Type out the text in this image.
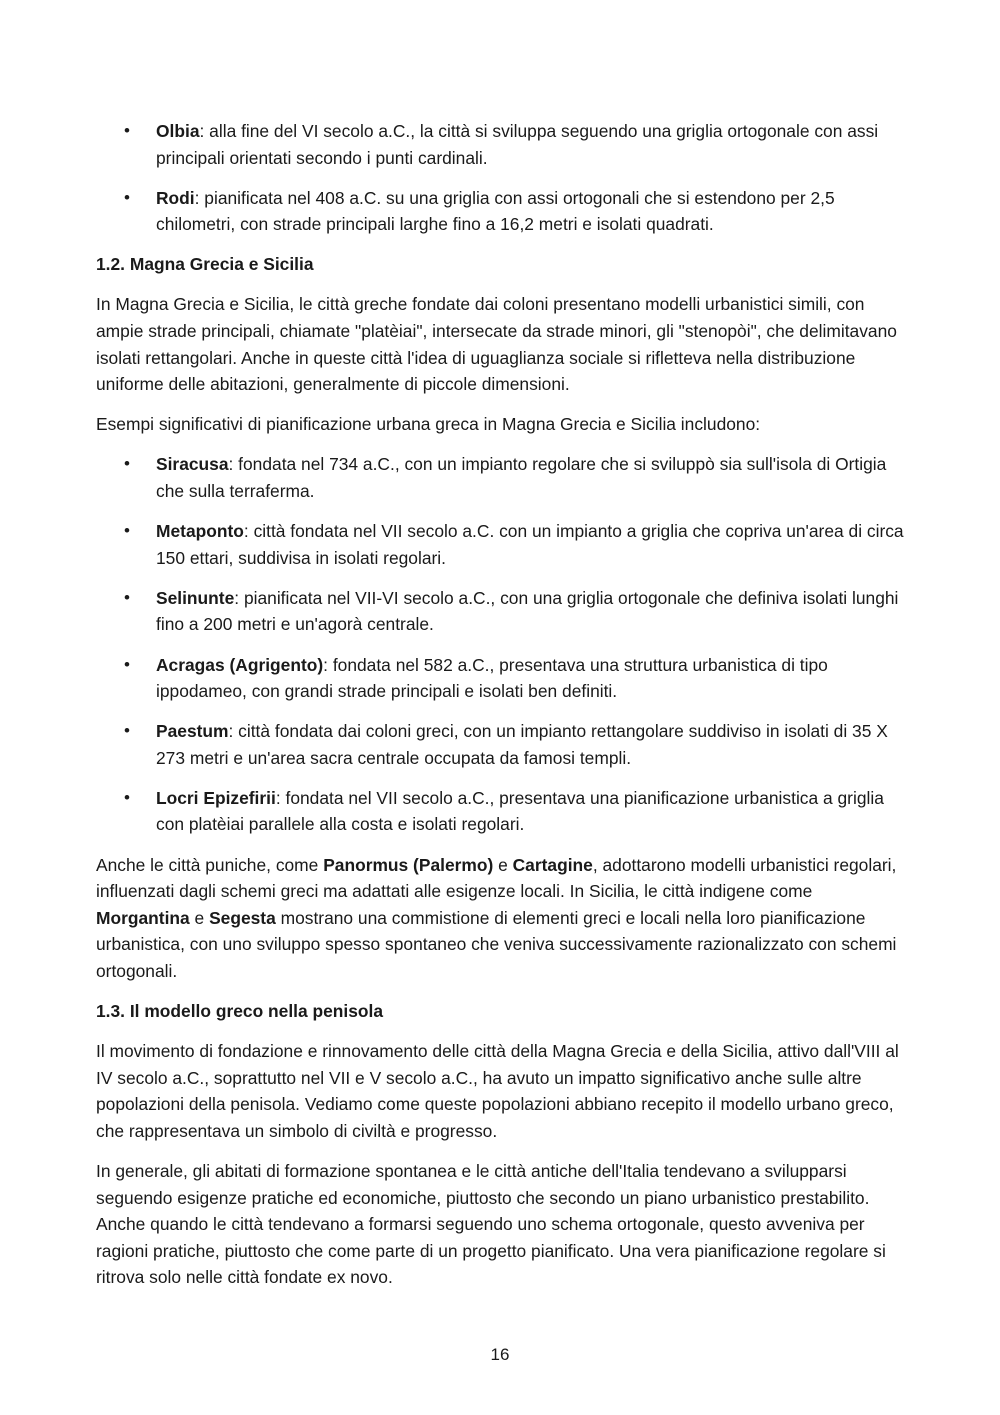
• Olbia: alla fine del VI secolo a.C., la città si sviluppa seguendo una griglia ortogonale con assi principali orientati secondo i punti cardinali.
• Rodi: pianificata nel 408 a.C. su una griglia con assi ortogonali che si estendono per 2,5 chilometri, con strade principali larghe fino a 16,2 metri e isolati quadrati.
1.2. Magna Grecia e Sicilia

In Magna Grecia e Sicilia, le città greche fondate dai coloni presentano modelli urbanistici simili, con ampie strade principali, chiamate "platèiai", intersecate da strade minori, gli "stenopòi", che delimitavano isolati rettangolari. Anche in queste città l'idea di uguaglianza sociale si rifletteva nella distribuzione uniforme delle abitazioni, generalmente di piccole dimensioni.

Esempi significativi di pianificazione urbana greca in Magna Grecia e Sicilia includono:

• Siracusa: fondata nel 734 a.C., con un impianto regolare che si sviluppò sia sull'isola di Ortigia che sulla terraferma.
• Metaponto: città fondata nel VII secolo a.C. con un impianto a griglia che copriva un'area di circa 150 ettari, suddivisa in isolati regolari.
• Selinunte: pianificata nel VII-VI secolo a.C., con una griglia ortogonale che definiva isolati lunghi fino a 200 metri e un'agorà centrale.
• Acragas (Agrigento): fondata nel 582 a.C., presentava una struttura urbanistica di tipo ippodameo, con grandi strade principali e isolati ben definiti.
• Paestum: città fondata dai coloni greci, con un impianto rettangolare suddiviso in isolati di 35 X 273 metri e un'area sacra centrale occupata da famosi templi.
• Locri Epizefirii: fondata nel VII secolo a.C., presentava una pianificazione urbanistica a griglia con platèiai parallele alla costa e isolati regolari.

Anche le città puniche, come Panormus (Palermo) e Cartagine, adottarono modelli urbanistici regolari, influenzati dagli schemi greci ma adattati alle esigenze locali. In Sicilia, le città indigene come Morgantina e Segesta mostrano una commistione di elementi greci e locali nella loro pianificazione urbanistica, con uno sviluppo spesso spontaneo che veniva successivamente razionalizzato con schemi ortogonali.

1.3. Il modello greco nella penisola

Il movimento di fondazione e rinnovamento delle città della Magna Grecia e della Sicilia, attivo dall'VIII al IV secolo a.C., soprattutto nel VII e V secolo a.C., ha avuto un impatto significativo anche sulle altre popolazioni della penisola. Vediamo come queste popolazioni abbiano recepito il modello urbano greco, che rappresentava un simbolo di civiltà e progresso.

In generale, gli abitati di formazione spontanea e le città antiche dell'Italia tendevano a svilupparsi seguendo esigenze pratiche ed economiche, piuttosto che secondo un piano urbanistico prestabilito. Anche quando le città tendevano a formarsi seguendo uno schema ortogonale, questo avveniva per ragioni pratiche, piuttosto che come parte di un progetto pianificato. Una vera pianificazione regolare si ritrova solo nelle città fondate ex novo.

16
